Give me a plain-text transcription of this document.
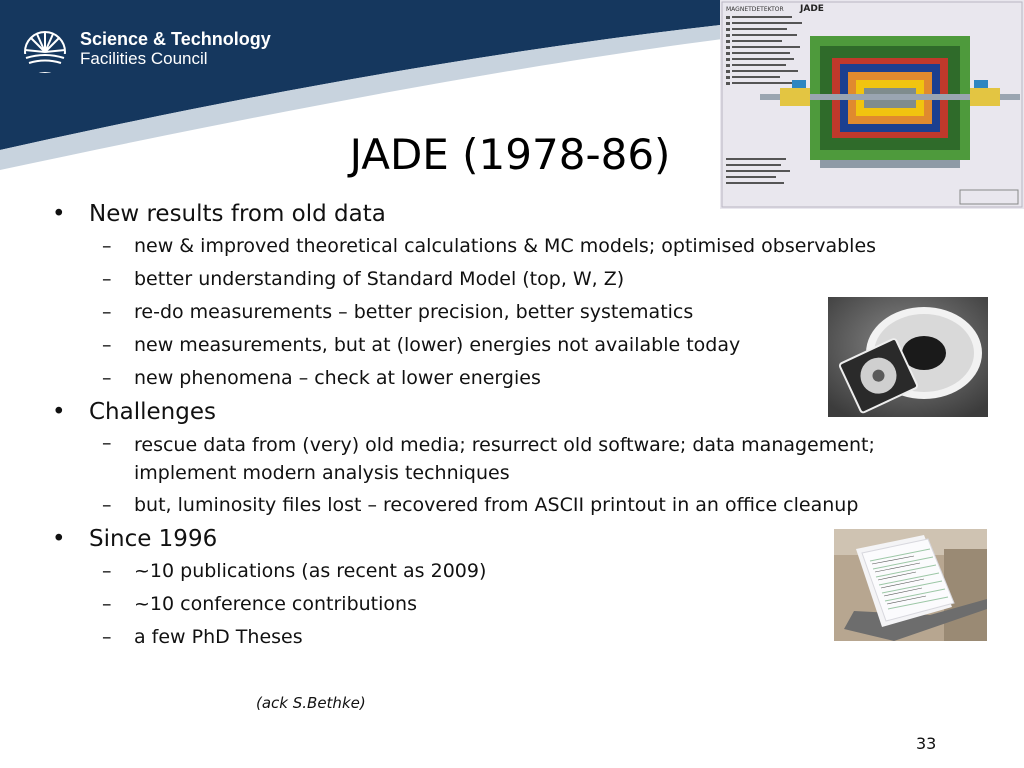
Science & Technology
Facilities Council
MAGNETDETEKTOR JADE
JADE (1978-86)
• New results from old data
– new & improved theoretical calculations & MC models; optimised observables
– better understanding of Standard Model (top, W, Z)
– re-do measurements – better precision, better systematics
– new measurements, but at (lower) energies not available today
– new phenomena – check at lower energies
• Challenges
– rescue data from (very) old media; resurrect old software; data management; implement modern analysis techniques
– but, luminosity files lost – recovered from ASCII printout in an office cleanup
• Since 1996
– ~10 publications (as recent as 2009)
– ~10 conference contributions
– a few PhD Theses
(ack S.Bethke)
33
